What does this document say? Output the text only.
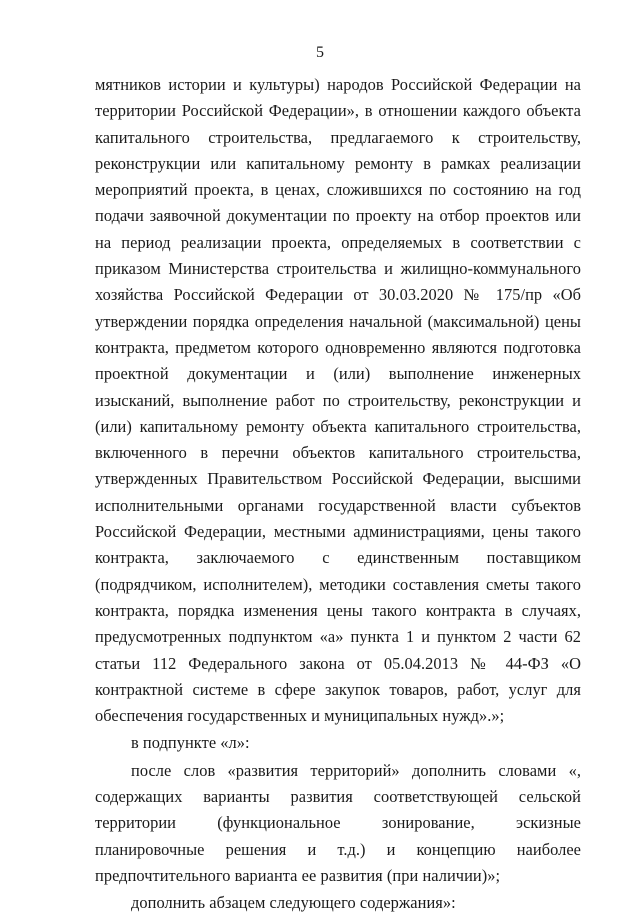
5

мятников истории и культуры) народов Российской Федерации на территории Российской Федерации», в отношении каждого объекта капитального строительства, предлагаемого к строительству, реконструкции или капитальному ремонту в рамках реализации мероприятий проекта, в ценах, сложившихся по состоянию на год подачи заявочной документации по проекту на отбор проектов или на период реализации проекта, определяемых в соответствии с приказом Министерства строительства и жилищно-коммунального хозяйства Российской Федерации от 30.03.2020 № 175/пр «Об утверждении порядка определения начальной (максимальной) цены контракта, предметом которого одновременно являются подготовка проектной документации и (или) выполнение инженерных изысканий, выполнение работ по строительству, реконструкции и (или) капитальному ремонту объекта капитального строительства, включенного в перечни объектов капитального строительства, утвержденных Правительством Российской Федерации, высшими исполнительными органами государственной власти субъектов Российской Федерации, местными администрациями, цены такого контракта, заключаемого с единственным поставщиком (подрядчиком, исполнителем), методики составления сметы такого контракта, порядка изменения цены такого контракта в случаях, предусмотренных подпунктом «а» пункта 1 и пунктом 2 части 62 статьи 112 Федерального закона от 05.04.2013 № 44-ФЗ «О контрактной системе в сфере закупок товаров, работ, услуг для обеспечения государственных и муниципальных нужд».»;

в подпункте «л»:

после слов «развития территорий» дополнить словами «, содержащих варианты развития соответствующей сельской территории (функциональное зонирование, эскизные планировочные решения и т.д.) и концепцию наиболее предпочтительного варианта ее развития (при наличии)»;

дополнить абзацем следующего содержания»:
